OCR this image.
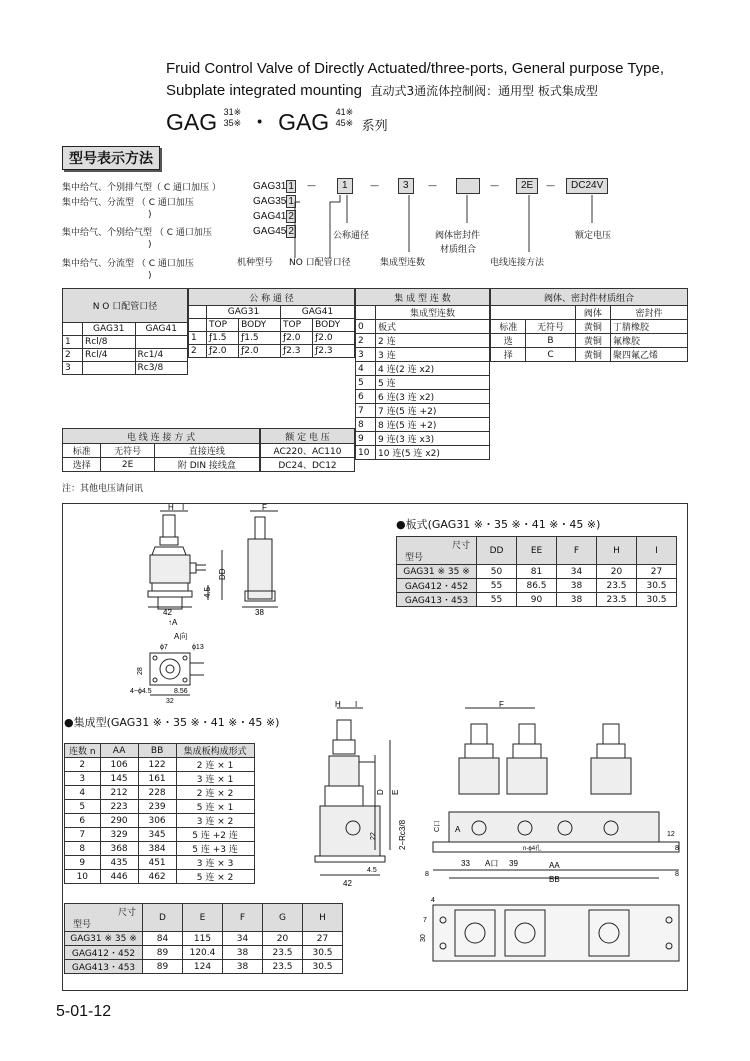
Fruid Control Valve of Directly Actuated/three-ports, General purpose Type,
Subplate integrated mounting 直动式3通流体控制阀：通用型 板式集成型
GAG 31※
35※ ・ GAG 41※
45※ 系列
型号表示方法
集中给气、个别排气型（ C 通口加压 ）
集中给气、分流型 （ C 通口加压
)
集中给气、个别给气型 （ C 通口加压
)
集中给气、分流型 （ C 通口加压
)
GAG31 1
GAG35 1
GAG41 2
GAG45 2
—	1	—	3	—	—	2E	—	DC24V
公称通径	阀体密封件
材质组合
额定电压
机种型号 NO 口配管口径	集成型连数	电线连接方法
N O 口配管口径		
	GAG31	GAG41
1	Rcl/8	
2	Rcl/4	Rc1/4
3		Rc3/8
公 称 通 径				
	GAG31		GAG41	
	TOP	BODY	TOP	BODY
1	ƒ1.5	ƒ1.5	ƒ2.0	ƒ2.0
2	ƒ2.0	ƒ2.0	ƒ2.3	ƒ2.3
集 成 型 连 数	
	集成型连数
0	板式
2	2 连
3	3 连
4	4 连(2 连 x2)
5	5 连
6	6 连(3 连 x2)
7	7 连(5 连 +2)
8	8 连(5 连 +2)
9	9 连(3 连 x3)
10	10 连(5 连 x2)
阀体、密封件材质组合			
		阀体	密封件
标准	无符号	黄铜	丁腈橡胶
选	B	黄铜	氟橡胶
择	C	黄铜	聚四氟乙烯
电 线 连 接 方 式		
标准	无符号	直接连线
选择	2E	附 DIN 接线盒
额 定 电 压
AC220、AC110
DC24、DC12
注：其他电压请问讯
H I	F
DD
4.5
42	38
↑A
A向
ϕ7	ϕ13
28
4−ϕ4.5	8.56
32
●板式(GAG31 ※・35 ※・41 ※・45 ※)
尺寸
型号	DD	EE	F	H	I
GAG31 ※ 35 ※	50	81	34	20	27
GAG412・452	55	86.5	38	23.5	30.5
GAG413・453	55	90	38	23.5	30.5
●集成型(GAG31 ※・35 ※・41 ※・45 ※)
连数 n	AA	BB	集成板构成形式
2	106	122	2 连 × 1
3	145	161	3 连 × 1
4	212	228	2 连 × 2
5	223	239	5 连 × 1
6	290	306	3 连 × 2
7	329	345	5 连 +2 连
8	368	384	5 连 +3 连
9	435	451	3 连 × 3
10	446	462	5 连 × 2
尺寸
型号	D	E	F	G	H
GAG31 ※ 35 ※	84	115	34	20	27
GAG412・452	89	120.4	38	23.5	30.5
GAG413・453	89	124	38	23.5	30.5
H I
D E
2−Rc3/8
22
4.5
42
F
A
C口
n-ϕ4孔
12
8
33 A口 39	AA
BB
8	8
4
7
30
5-01-12
